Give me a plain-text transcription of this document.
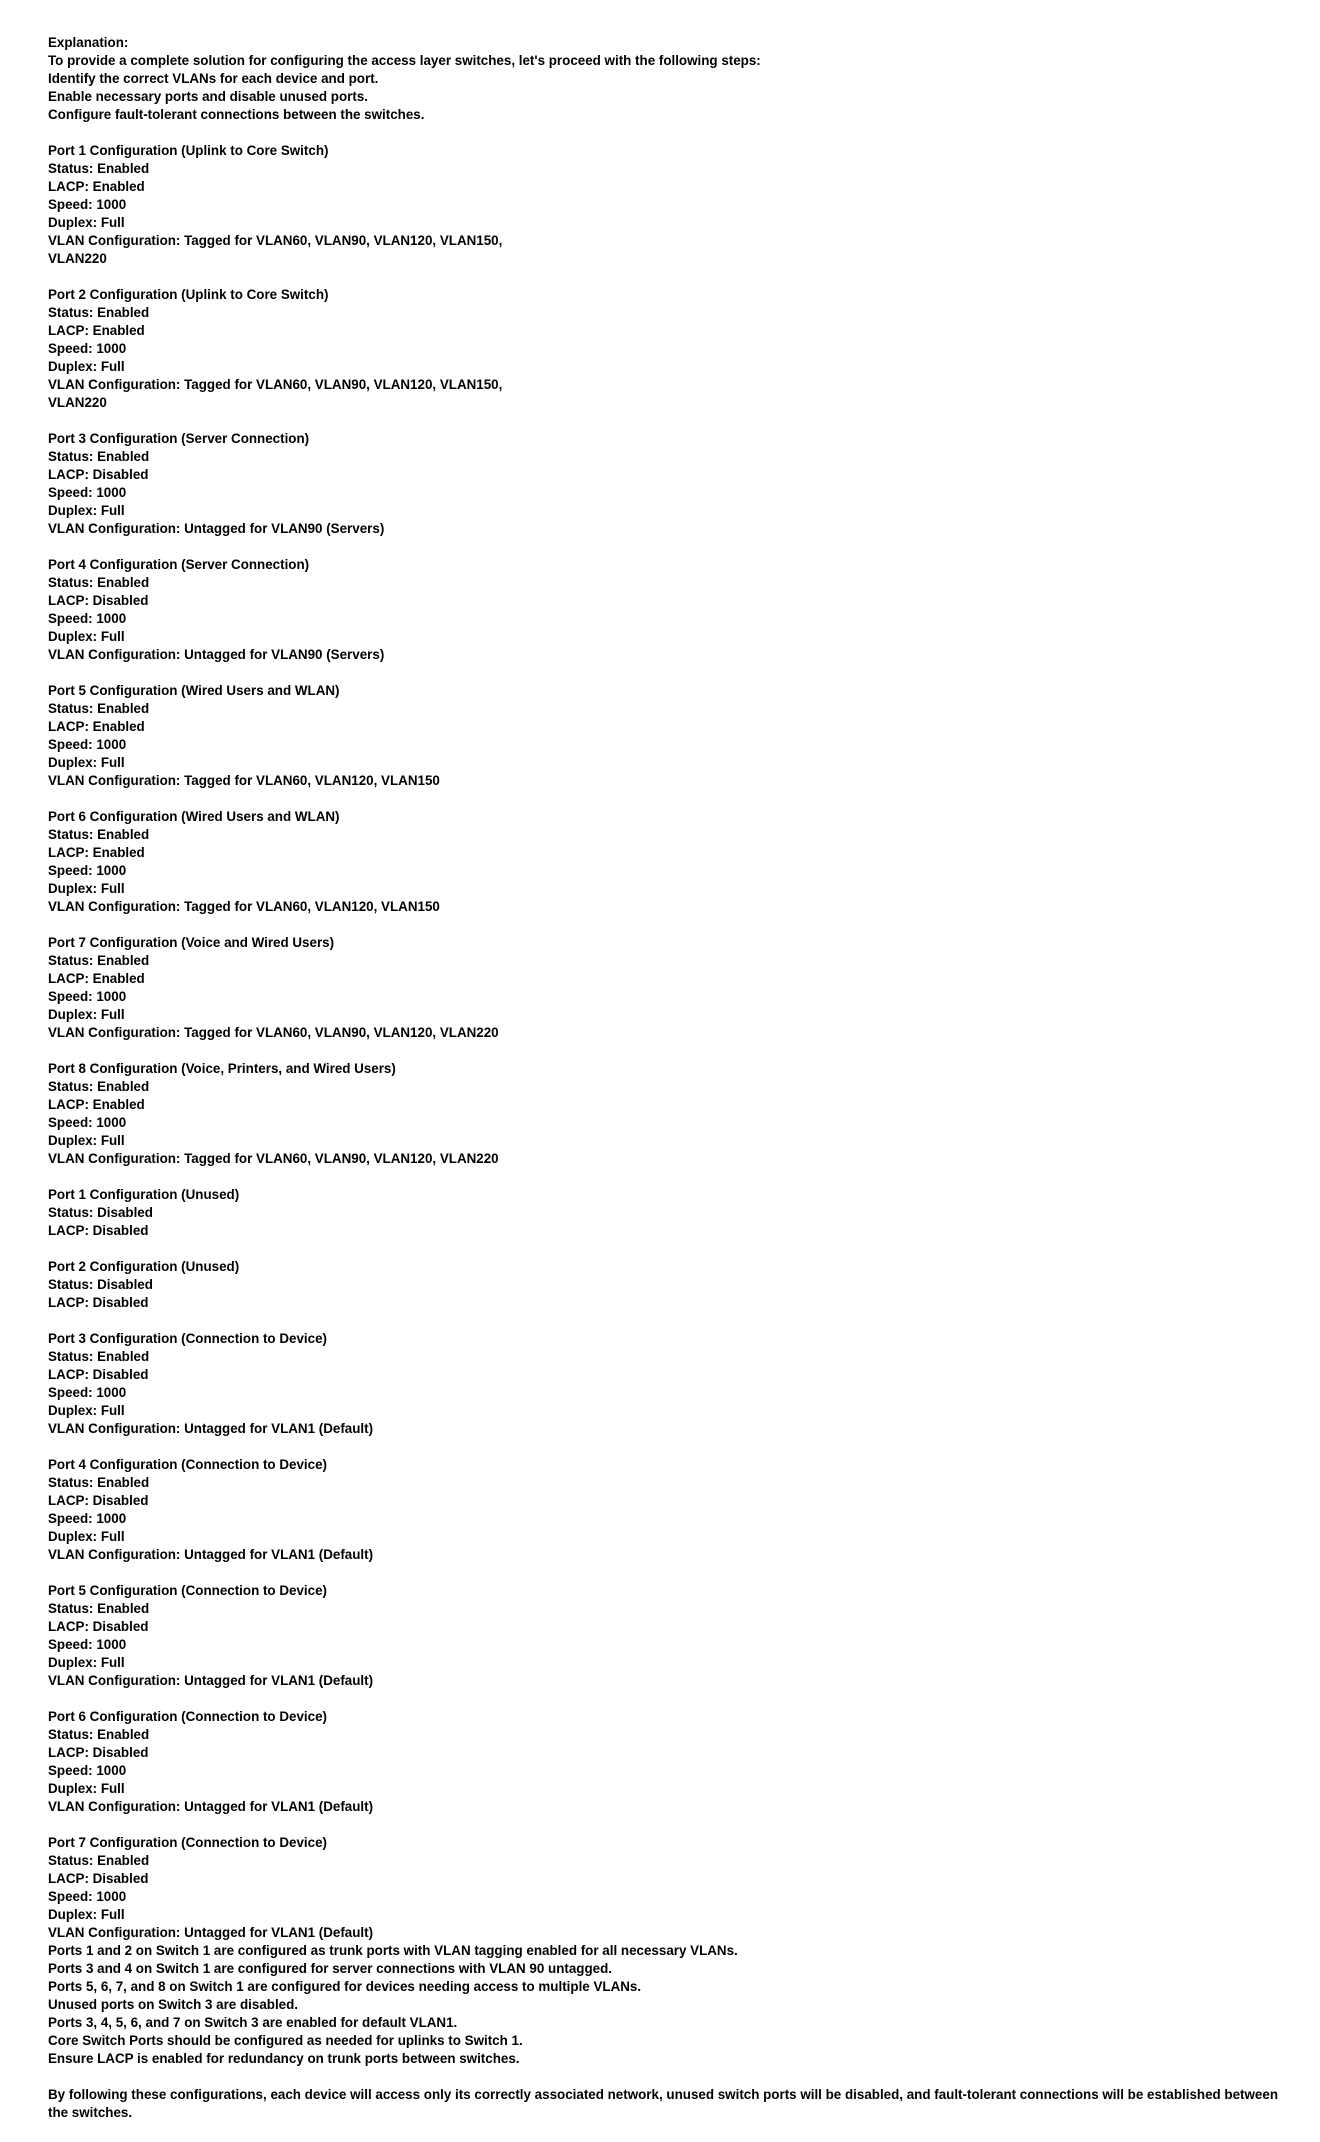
Explanation:

To provide a complete solution for configuring the access layer switches, let's proceed with the following steps:

Identify the correct VLANs for each device and port.

Enable necessary ports and disable unused ports.

Configure fault-tolerant connections between the switches.

Port 1 Configuration (Uplink to Core Switch)

Status: Enabled

LACP: Enabled

Speed: 1000

Duplex: Full

VLAN Configuration: Tagged for VLAN60, VLAN90, VLAN120, VLAN150,

VLAN220

Port 2 Configuration (Uplink to Core Switch)

Status: Enabled

LACP: Enabled

Speed: 1000

Duplex: Full

VLAN Configuration: Tagged for VLAN60, VLAN90, VLAN120, VLAN150,

VLAN220

Port 3 Configuration (Server Connection)

Status: Enabled

LACP: Disabled

Speed: 1000

Duplex: Full

VLAN Configuration: Untagged for VLAN90 (Servers)

Port 4 Configuration (Server Connection)

Status: Enabled

LACP: Disabled

Speed: 1000

Duplex: Full

VLAN Configuration: Untagged for VLAN90 (Servers)

Port 5 Configuration (Wired Users and WLAN)

Status: Enabled

LACP: Enabled

Speed: 1000

Duplex: Full

VLAN Configuration: Tagged for VLAN60, VLAN120, VLAN150

Port 6 Configuration (Wired Users and WLAN)

Status: Enabled

LACP: Enabled

Speed: 1000

Duplex: Full

VLAN Configuration: Tagged for VLAN60, VLAN120, VLAN150

Port 7 Configuration (Voice and Wired Users)

Status: Enabled

LACP: Enabled

Speed: 1000

Duplex: Full

VLAN Configuration: Tagged for VLAN60, VLAN90, VLAN120, VLAN220

Port 8 Configuration (Voice, Printers, and Wired Users)

Status: Enabled

LACP: Enabled

Speed: 1000

Duplex: Full

VLAN Configuration: Tagged for VLAN60, VLAN90, VLAN120, VLAN220

Port 1 Configuration (Unused)

Status: Disabled

LACP: Disabled

Port 2 Configuration (Unused)

Status: Disabled

LACP: Disabled

Port 3 Configuration (Connection to Device)

Status: Enabled

LACP: Disabled

Speed: 1000

Duplex: Full

VLAN Configuration: Untagged for VLAN1 (Default)

Port 4 Configuration (Connection to Device)

Status: Enabled

LACP: Disabled

Speed: 1000

Duplex: Full

VLAN Configuration: Untagged for VLAN1 (Default)

Port 5 Configuration (Connection to Device)

Status: Enabled

LACP: Disabled

Speed: 1000

Duplex: Full

VLAN Configuration: Untagged for VLAN1 (Default)

Port 6 Configuration (Connection to Device)

Status: Enabled

LACP: Disabled

Speed: 1000

Duplex: Full

VLAN Configuration: Untagged for VLAN1 (Default)

Port 7 Configuration (Connection to Device)

Status: Enabled

LACP: Disabled

Speed: 1000

Duplex: Full

VLAN Configuration: Untagged for VLAN1 (Default)

Ports 1 and 2 on Switch 1 are configured as trunk ports with VLAN tagging enabled for all necessary VLANs.

Ports 3 and 4 on Switch 1 are configured for server connections with VLAN 90 untagged.

Ports 5, 6, 7, and 8 on Switch 1 are configured for devices needing access to multiple VLANs.

Unused ports on Switch 3 are disabled.

Ports 3, 4, 5, 6, and 7 on Switch 3 are enabled for default VLAN1.

Core Switch Ports should be configured as needed for uplinks to Switch 1.

Ensure LACP is enabled for redundancy on trunk ports between switches.

By following these configurations, each device will access only its correctly associated network, unused switch ports will be disabled, and fault-tolerant connections will be established between the switches.
